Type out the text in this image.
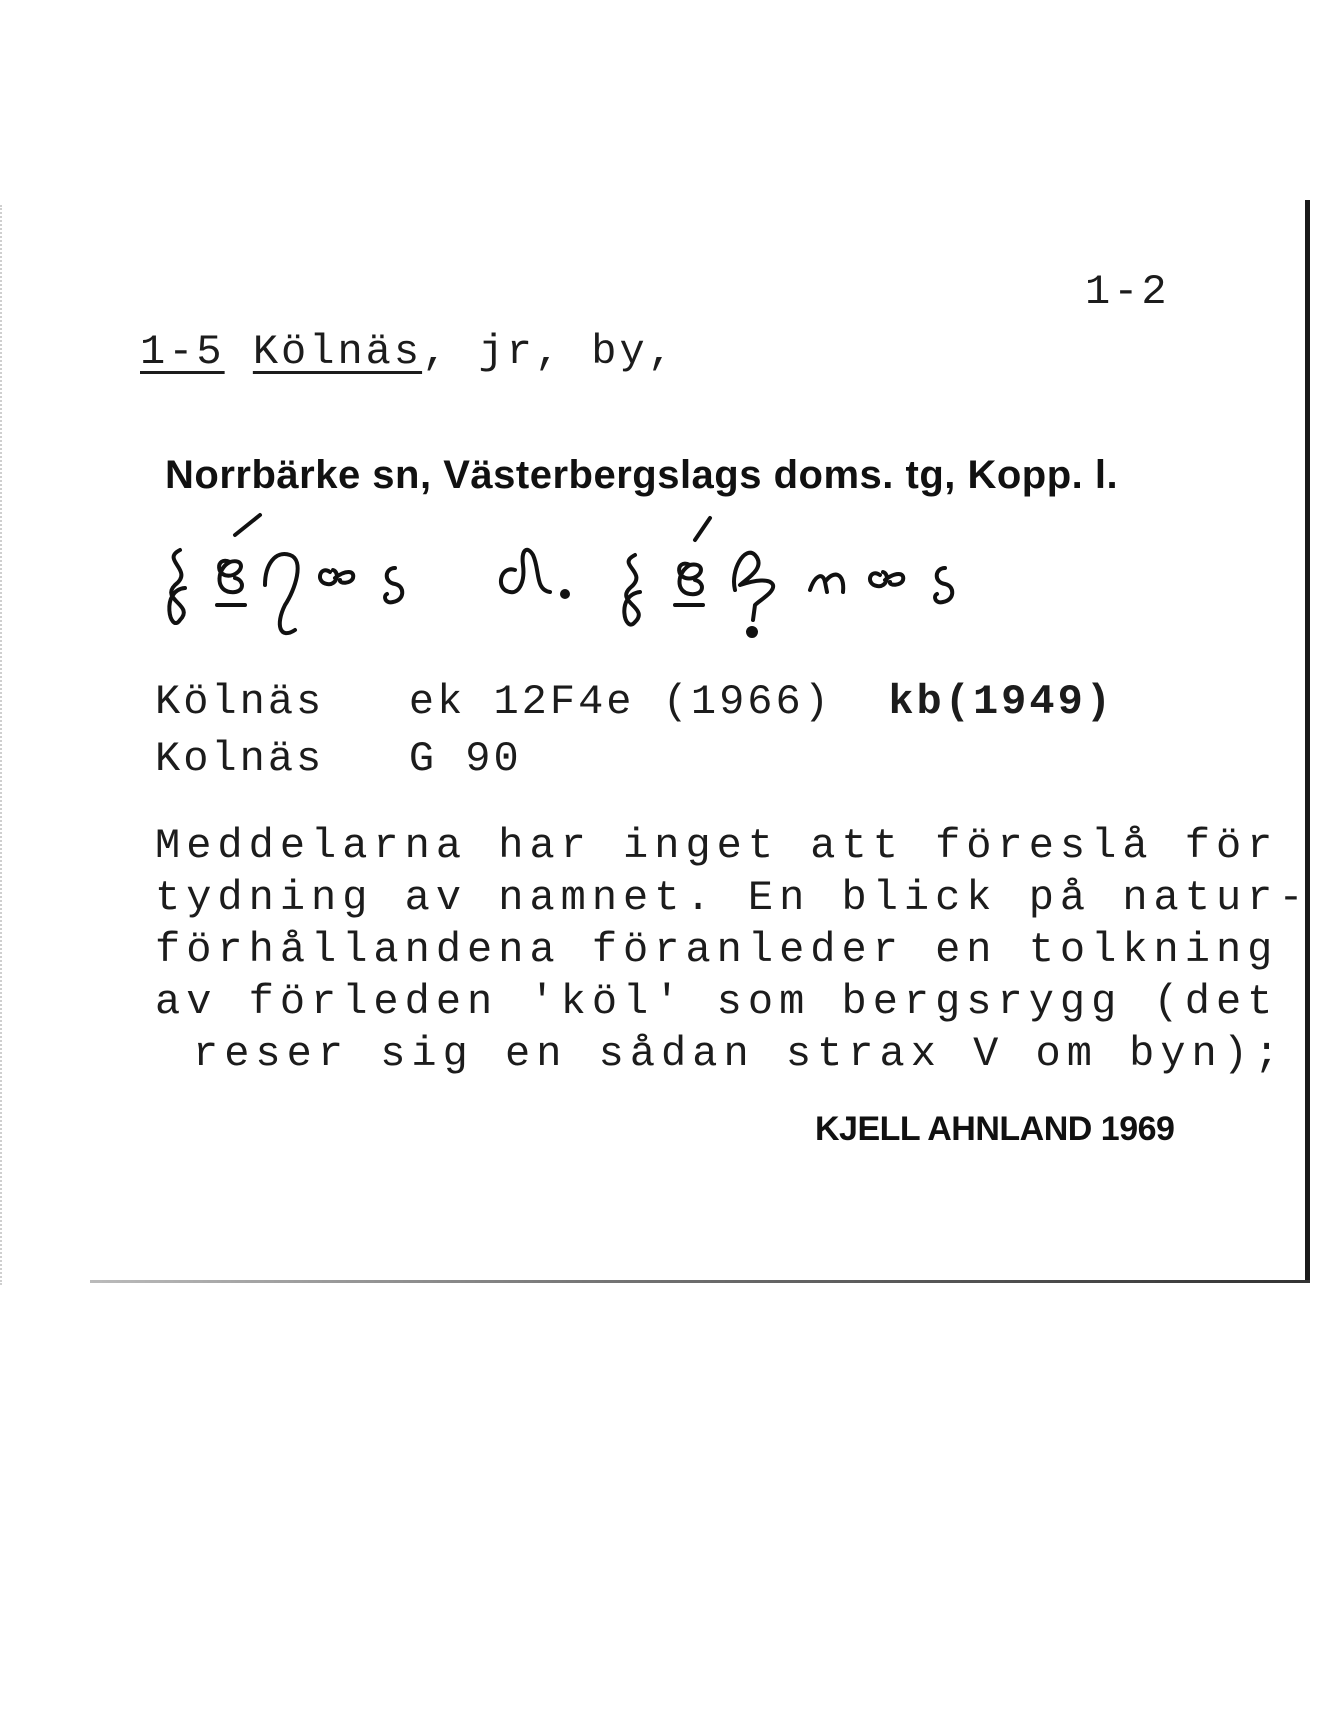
1-2
1-5 Kölnäs, jr, by,
Norrbärke sn, Västerbergslags doms. tg, Kopp. l.
Kölnäs ek 12F4e (1966) kb(1949)
Kolnäs G 90
Meddelarna har inget att föreslå för
tydning av namnet. En blick på natur-
förhållandena föranleder en tolkning
av förleden 'köl' som bergsrygg (det
reser sig en sådan strax V om byn);
KJELL AHNLAND 1969
